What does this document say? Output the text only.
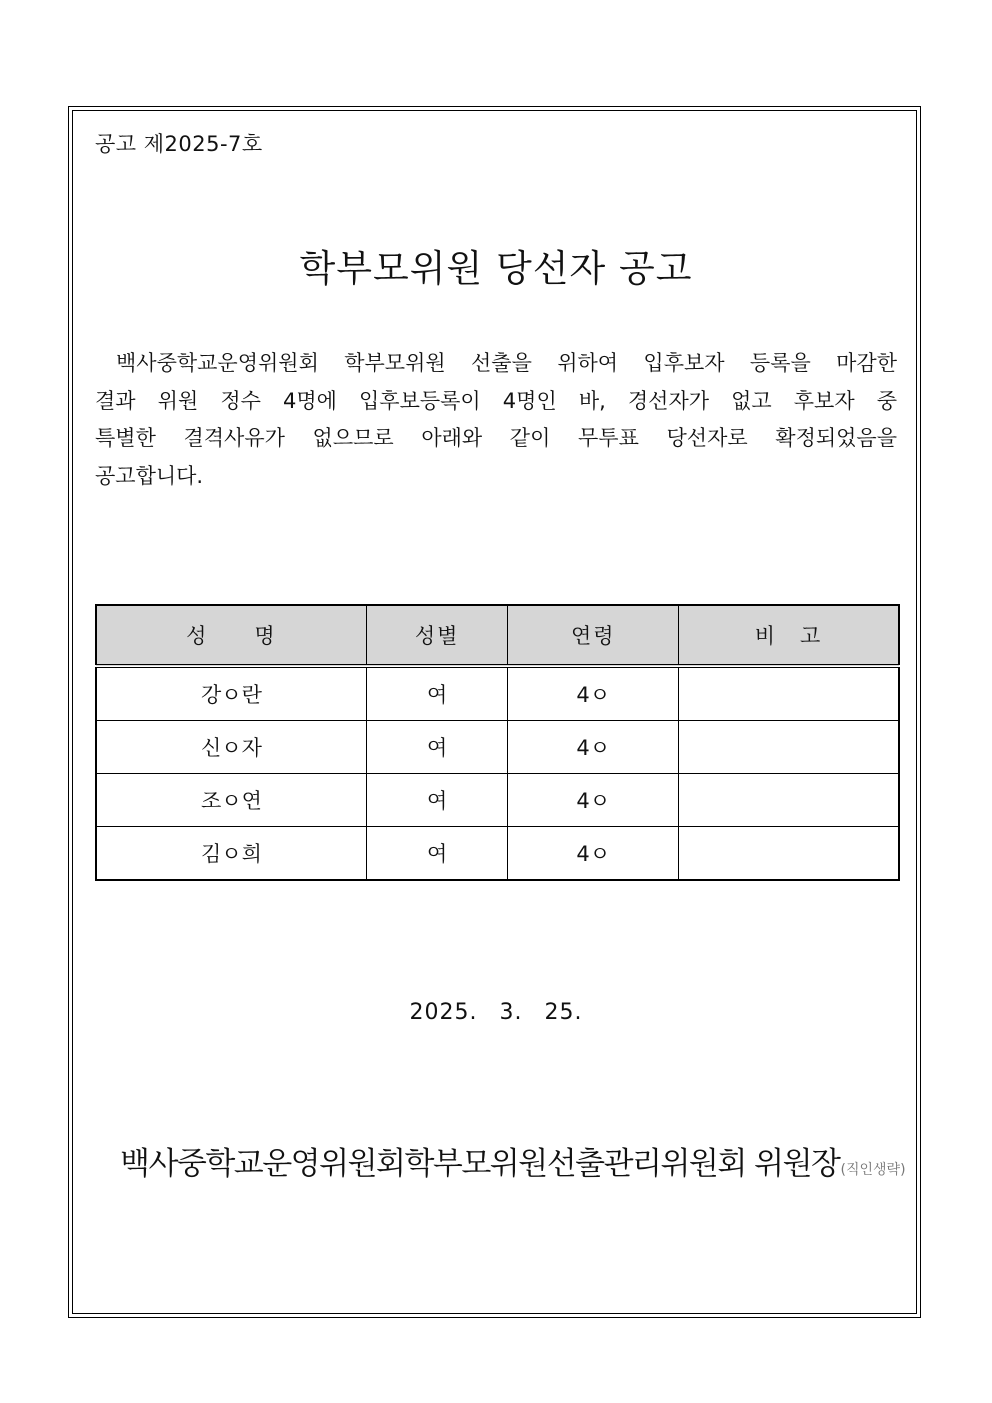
공고 제2025-7호
학부모위원 당선자 공고
백사중학교운영위원회 학부모위원 선출을 위하여 입후보자 등록을 마감한
결과 위원 정수 4명에 입후보등록이 4명인 바, 경선자가 없고 후보자 중
특별한 결격사유가 없으므로 아래와 같이 무투표 당선자로 확정되었음을
공고합니다.
성　　명	성별	연령	비　고
강ㅇ란	여	4ㅇ	
신ㅇ자	여	4ㅇ	
조ㅇ연	여	4ㅇ	
김ㅇ희	여	4ㅇ	
2025. 3. 25.
백사중학교운영위원회학부모위원선출관리위원회 위원장(직인생략)
